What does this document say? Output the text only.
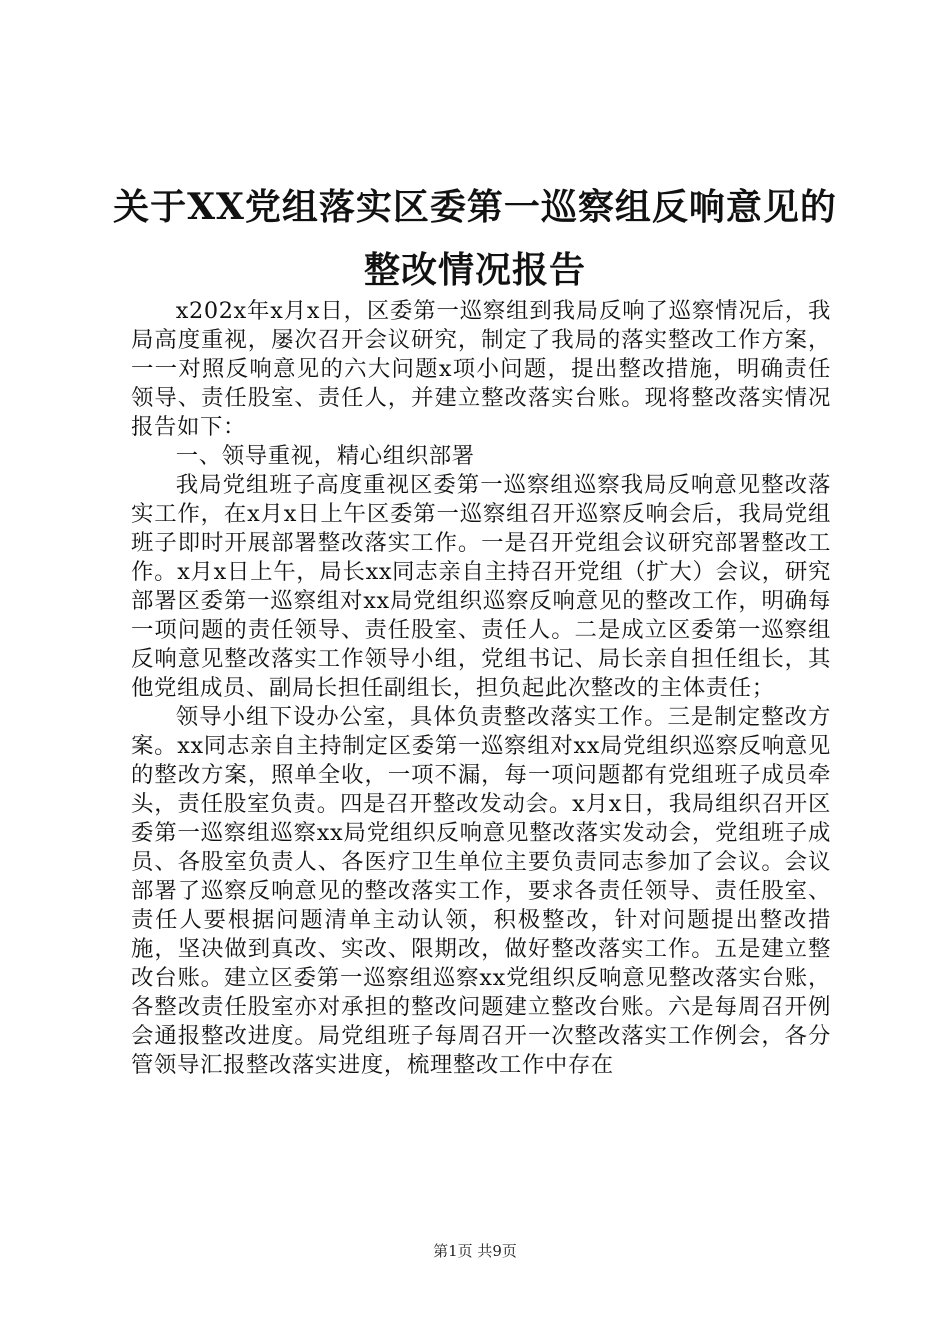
关于XX党组落实区委第一巡察组反响意见的
整改情况报告

x202x年x月x日，区委第一巡察组到我局反响了巡察情况后，我局高度重视，屡次召开会议研究，制定了我局的落实整改工作方案，一一对照反响意见的六大问题x项小问题，提出整改措施，明确责任领导、责任股室、责任人，并建立整改落实台账。现将整改落实情况报告如下：

一、领导重视，精心组织部署

我局党组班子高度重视区委第一巡察组巡察我局反响意见整改落实工作，在x月x日上午区委第一巡察组召开巡察反响会后，我局党组班子即时开展部署整改落实工作。一是召开党组会议研究部署整改工作。x月x日上午，局长xx同志亲自主持召开党组（扩大）会议，研究部署区委第一巡察组对xx局党组织巡察反响意见的整改工作，明确每一项问题的责任领导、责任股室、责任人。二是成立区委第一巡察组反响意见整改落实工作领导小组，党组书记、局长亲自担任组长，其他党组成员、副局长担任副组长，担负起此次整改的主体责任；

领导小组下设办公室，具体负责整改落实工作。三是制定整改方案。xx同志亲自主持制定区委第一巡察组对xx局党组织巡察反响意见的整改方案，照单全收，一项不漏，每一项问题都有党组班子成员牵头，责任股室负责。四是召开整改发动会。x月x日，我局组织召开区委第一巡察组巡察xx局党组织反响意见整改落实发动会，党组班子成员、各股室负责人、各医疗卫生单位主要负责同志参加了会议。会议部署了巡察反响意见的整改落实工作，要求各责任领导、责任股室、责任人要根据问题清单主动认领，积极整改，针对问题提出整改措施，坚决做到真改、实改、限期改，做好整改落实工作。五是建立整改台账。建立区委第一巡察组巡察xx党组织反响意见整改落实台账，各整改责任股室亦对承担的整改问题建立整改台账。六是每周召开例会通报整改进度。局党组班子每周召开一次整改落实工作例会，各分管领导汇报整改落实进度，梳理整改工作中存在

第1页 共9页
